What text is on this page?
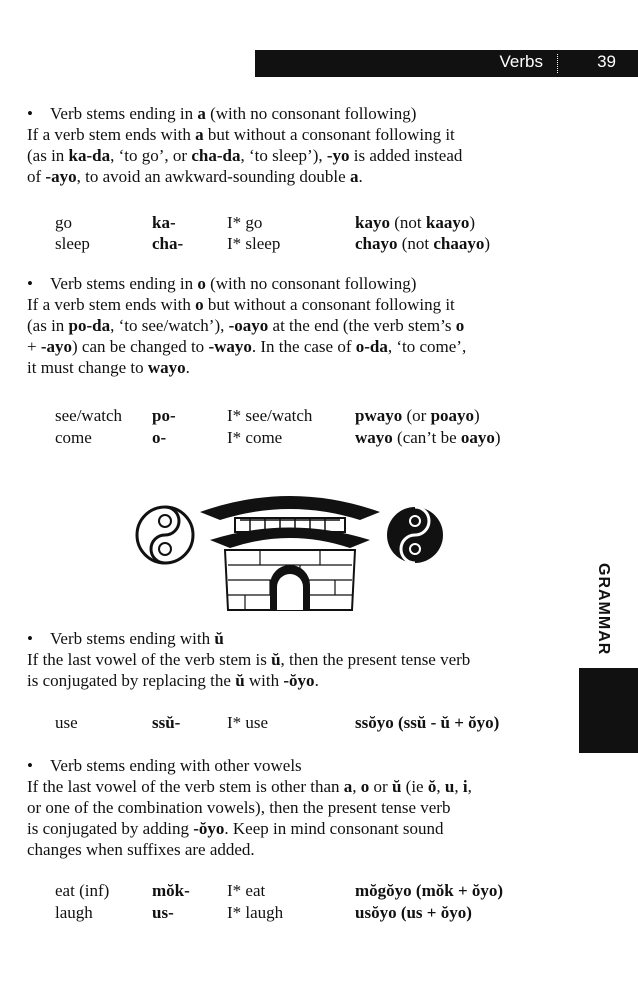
Verbs	39
• Verb stems ending in a (with no consonant following)
If a verb stem ends with a but without a consonant following it
(as in ka-da, ‘to go’, or cha-da, ‘to sleep’), -yo is added instead
of -ayo, to avoid an awkward-sounding double a.
go	ka-	I* go	kayo (not kaayo)
sleep	cha-	I* sleep	chayo (not chaayo)
• Verb stems ending in o (with no consonant following)
If a verb stem ends with o but without a consonant following it
(as in po-da, ‘to see/watch’), -oayo at the end (the verb stem’s o
+ -ayo) can be changed to -wayo. In the case of o-da, ‘to come’,
it must change to wayo.
see/watch po-	I* see/watch	pwayo (or poayo)
come	o-	I* come	wayo (can’t be oayo)
• Verb stems ending with ŭ
If the last vowel of the verb stem is ŭ, then the present tense verb
is conjugated by replacing the ŭ with -ŏyo.
use	ssŭ-	I* use	ssŏyo (ssŭ - ŭ + ŏyo)
• Verb stems ending with other vowels
If the last vowel of the verb stem is other than a, o or ŭ (ie ŏ, u, i,
or one of the combination vowels), then the present tense verb
is conjugated by adding -ŏyo. Keep in mind consonant sound
changes when suffixes are added.
eat (inf)	mŏk- I* eat	mŏgŏyo (mŏk + ŏyo)
laugh	us-	I* laugh	usŏyo (us + ŏyo)
GRAMMAR
